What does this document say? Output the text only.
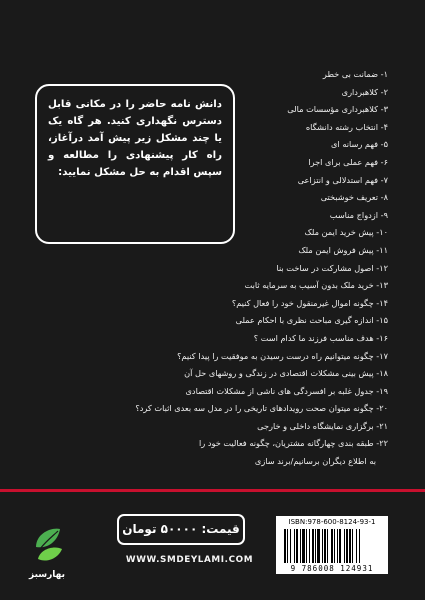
دانش نامه حاضر را در مکانی قابل دسترس نگهداری کنید. هر گاه یک یا چند مشکل زیر پیش آمد درآغاز، راه کار پیشنهادی را مطالعه و سپس اقدام به حل مشکل نمایید:
۱- ضمانت بی خطر
۲- کلاهبرداری
۳- کلاهبرداری مؤسسات مالی
۴- انتخاب رشته دانشگاه
۵- فهم رسانه ای
۶- فهم عملی برای اجرا
۷- فهم استدلالی و انتزاعی
۸- تعریف خوشبختی
۹- ازدواج مناسب
۱۰- پیش خرید ایمن ملک
۱۱- پیش فروش ایمن ملک
۱۲- اصول مشارکت در ساخت بنا
۱۳- خرید ملک بدون آسیب به سرمایه ثابت
۱۴- چگونه اموال غیرمنقول خود را فعال کنیم؟
۱۵- اندازه گیری مباحث نظری با احکام عملی
۱۶- هدف مناسب فرزند ما کدام است ؟
۱۷- چگونه میتوانیم راه درست رسیدن به موفقیت را پیدا کنیم؟
۱۸- پیش بینی مشکلات اقتصادی در زندگی و روشهای حل آن
۱۹- جدول غلبه بر افسردگی های ناشی از مشکلات اقتصادی
۲۰- چگونه میتوان صحت رویدادهای تاریخی را در مدل سه بعدی اثبات کرد؟
۲۱- برگزاری نمایشگاه داخلی و خارجی
۲۲- طبقه بندی چهارگانه مشتریان، چگونه فعالیت خود را
به اطلاع دیگران برسانیم/برند سازی
بهارسبز
قیمت: ۵۰۰۰۰ تومان
WWW.SMDEYLAMI.COM
ISBN:978-600-8124-93-1
9 786008 124931
